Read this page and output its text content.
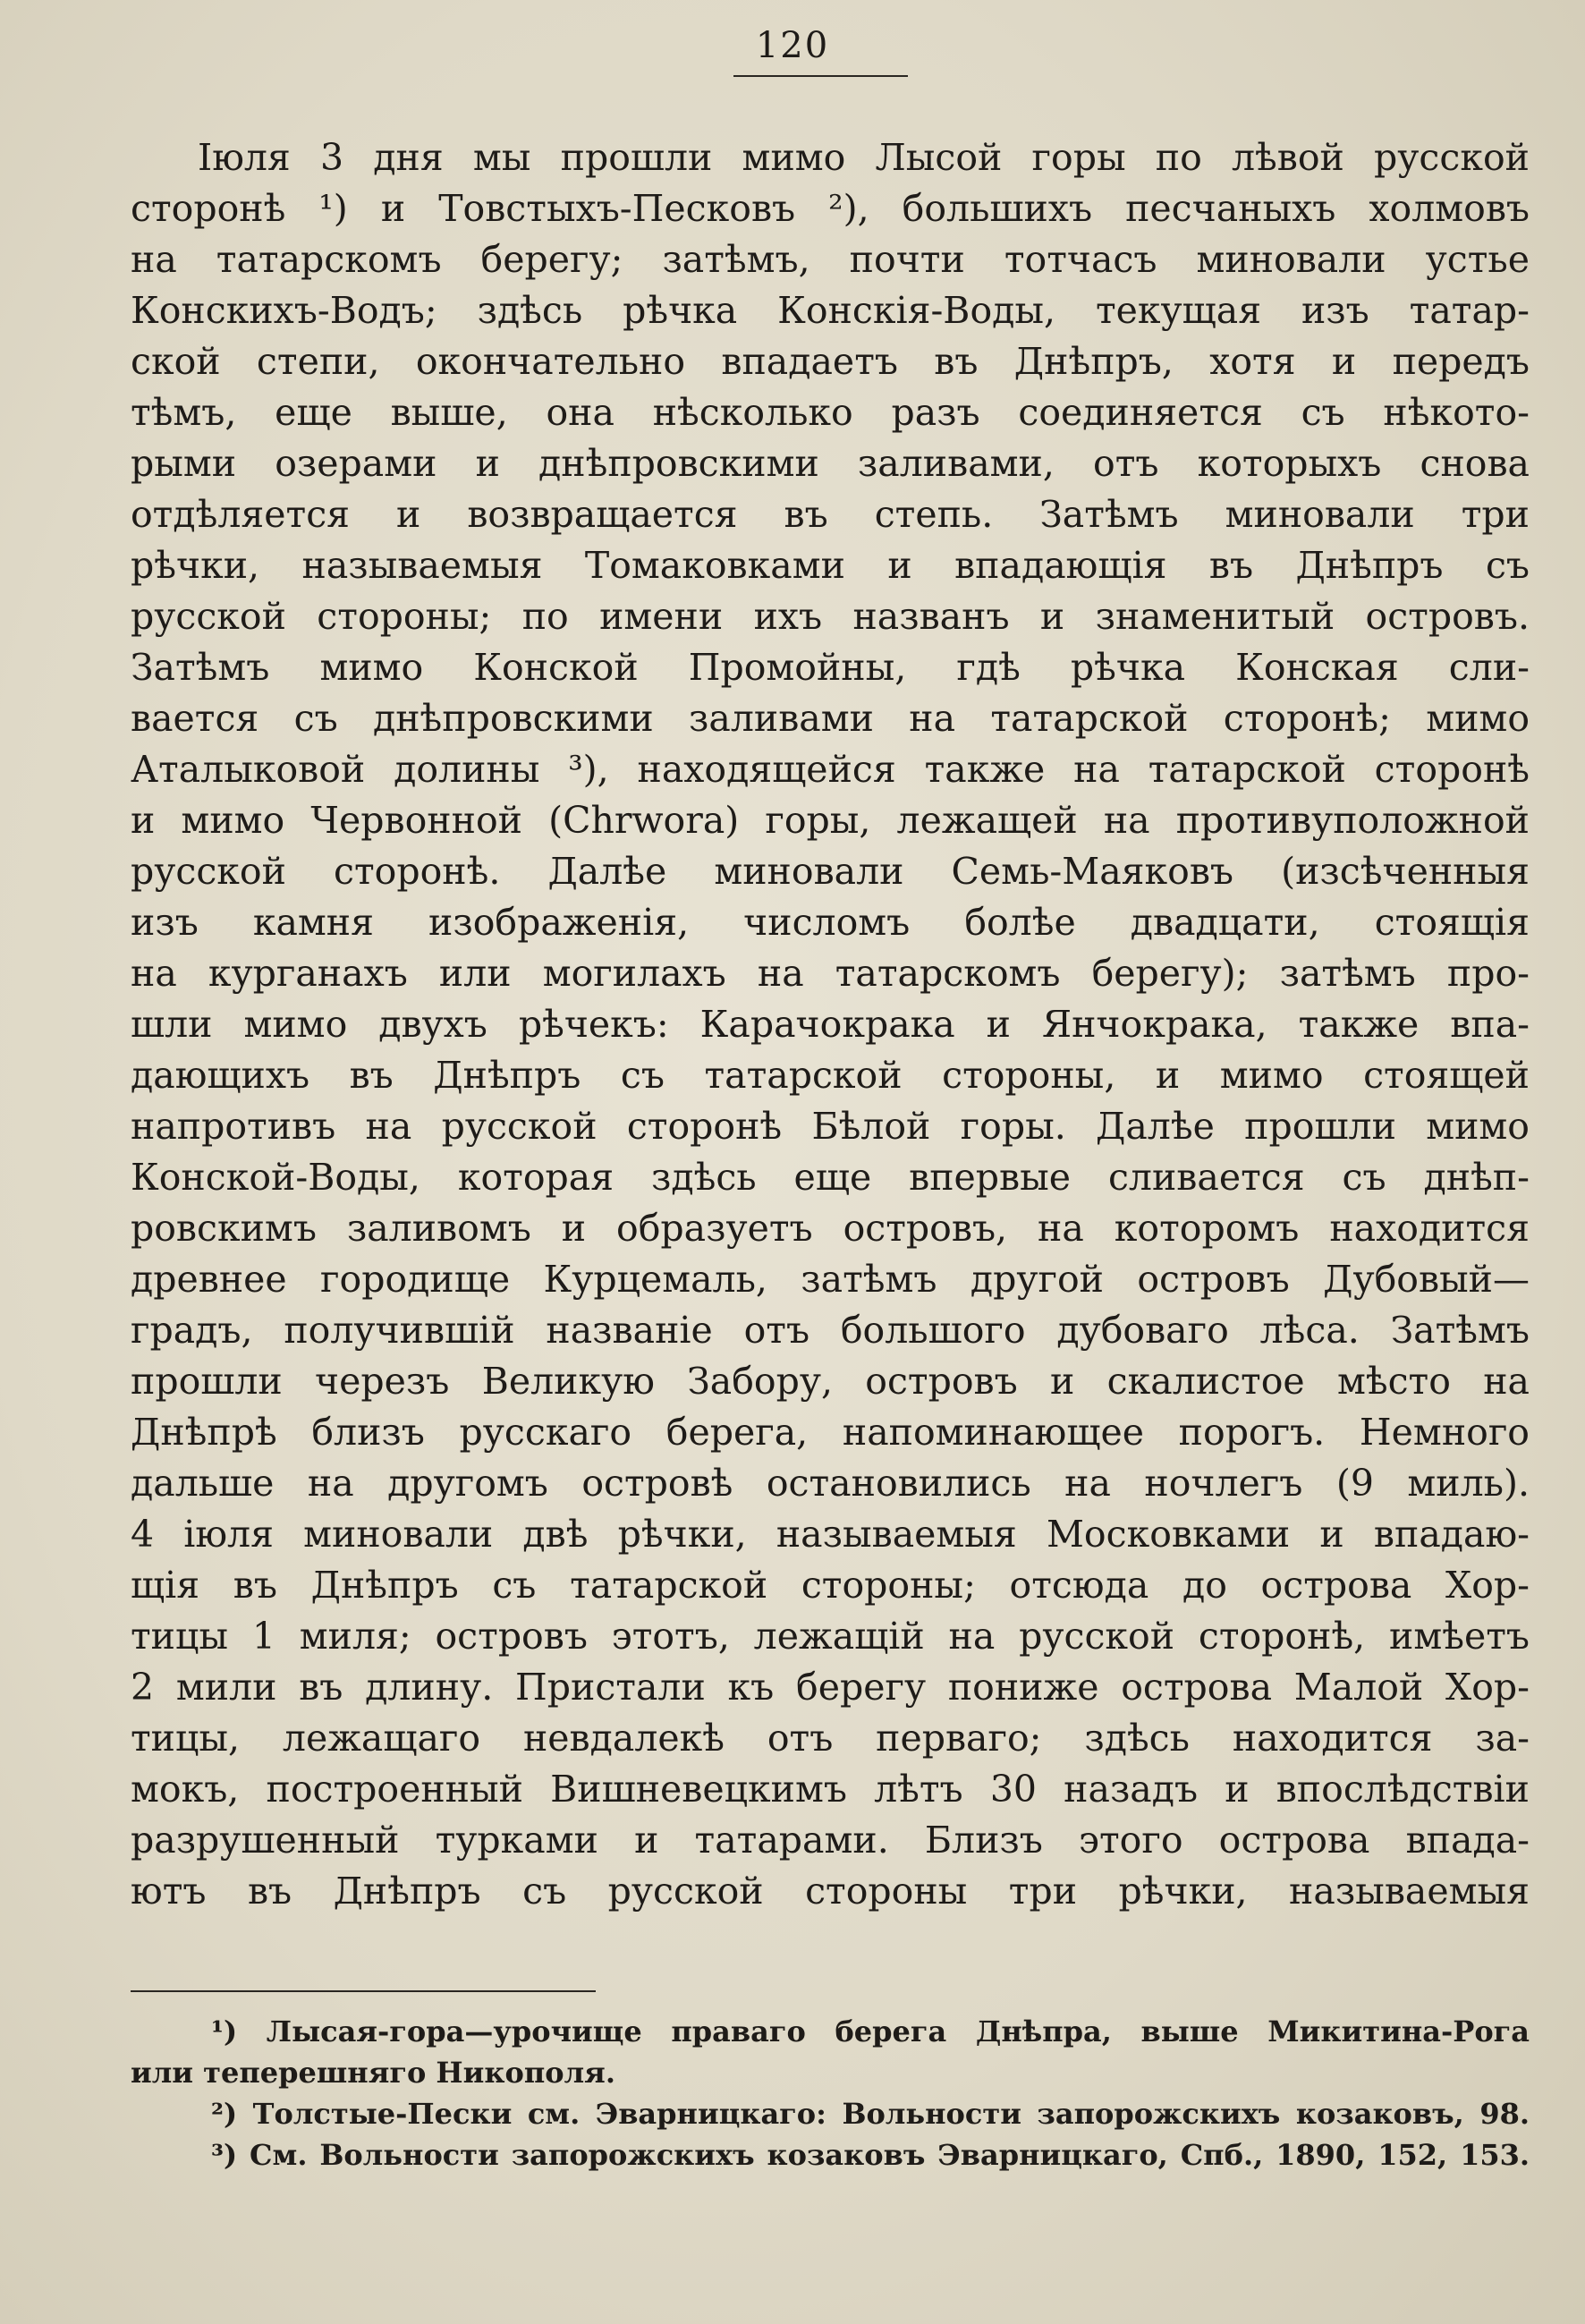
120
Iюля 3 дня мы прошли мимо Лысой горы по лѣвой русской
сторонѣ ¹) и Товстыхъ-Песковъ ²), большихъ песчаныхъ холмовъ
на татарскомъ берегу; затѣмъ, почти тотчасъ миновали устье
Конскихъ-Водъ; здѣсь рѣчка Конскiя-Воды, текущая изъ татар-
ской степи, окончательно впадаетъ въ Днѣпръ, хотя и передъ
тѣмъ, еще выше, она нѣсколько разъ соединяется съ нѣкото-
рыми озерами и днѣпровскими заливами, отъ которыхъ снова
отдѣляется и возвращается въ степь. Затѣмъ миновали три
рѣчки, называемыя Томаковками и впадающiя въ Днѣпръ съ
русской стороны; по имени ихъ названъ и знаменитый островъ.
Затѣмъ мимо Конской Промойны, гдѣ рѣчка Конская сли-
вается съ днѣпровскими заливами на татарской сторонѣ; мимо
Аталыковой долины ³), находящейся также на татарской сторонѣ
и мимо Червонной (Chrwora) горы, лежащей на противуположной
русской сторонѣ. Далѣе миновали Семь-Маяковъ (изсѣченныя
изъ камня изображенiя, числомъ болѣе двадцати, стоящiя
на курганахъ или могилахъ на татарскомъ берегу); затѣмъ про-
шли мимо двухъ рѣчекъ: Карачокрака и Янчокрака, также впа-
дающихъ въ Днѣпръ съ татарской стороны, и мимо стоящей
напротивъ на русской сторонѣ Бѣлой горы. Далѣе прошли мимо
Конской-Воды, которая здѣсь еще впервые сливается съ днѣп-
ровскимъ заливомъ и образуетъ островъ, на которомъ находится
древнее городище Курцемаль, затѣмъ другой островъ Дубовый—
градъ, получившiй названiе отъ большого дубоваго лѣса. Затѣмъ
прошли черезъ Великую Забору, островъ и скалистое мѣсто на
Днѣпрѣ близъ русскаго берега, напоминающее порогъ. Немного
дальше на другомъ островѣ остановились на ночлегъ (9 миль).
4 iюля миновали двѣ рѣчки, называемыя Московками и впадаю-
щiя въ Днѣпръ съ татарской стороны; отсюда до острова Хор-
тицы 1 миля; островъ этотъ, лежащiй на русской сторонѣ, имѣетъ
2 мили въ длину. Пристали къ берегу пониже острова Малой Хор-
тицы, лежащаго невдалекѣ отъ перваго; здѣсь находится за-
мокъ, построенный Вишневецкимъ лѣтъ 30 назадъ и впослѣдствiи
разрушенный турками и татарами. Близъ этого острова впада-
ютъ въ Днѣпръ съ русской стороны три рѣчки, называемыя
¹) Лысая-гора—урочище праваго берега Днѣпра, выше Микитина-Рога
или теперешняго Никополя.
²) Толстые-Пески см. Эварницкаго: Вольности запорожскихъ козаковъ, 98.
³) См. Вольности запорожскихъ козаковъ Эварницкаго, Спб., 1890, 152, 153.
